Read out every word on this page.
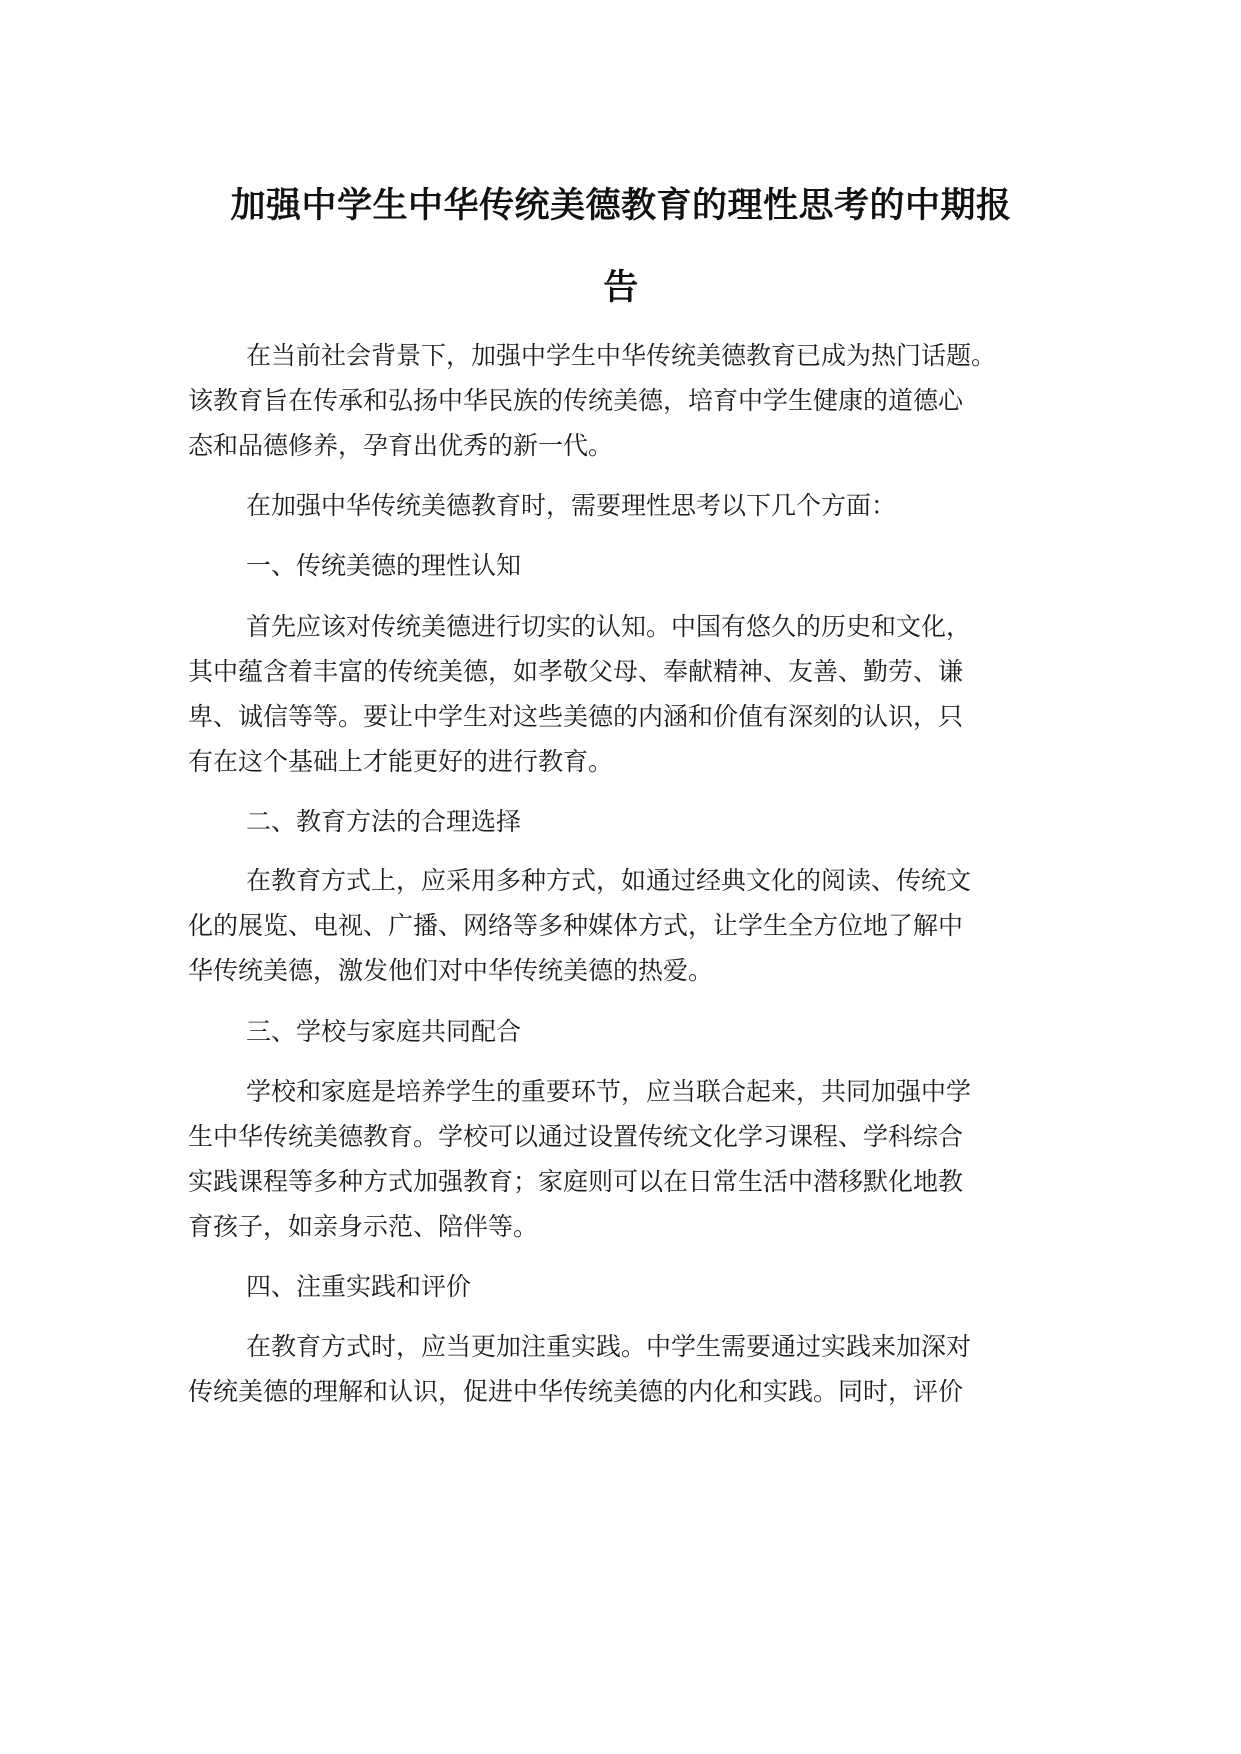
加强中学生中华传统美德教育的理性思考的中期报
告
在当前社会背景下，加强中学生中华传统美德教育已成为热门话题。
该教育旨在传承和弘扬中华民族的传统美德，培育中学生健康的道德心
态和品德修养，孕育出优秀的新一代。
在加强中华传统美德教育时，需要理性思考以下几个方面：
一、传统美德的理性认知
首先应该对传统美德进行切实的认知。中国有悠久的历史和文化，
其中蕴含着丰富的传统美德，如孝敬父母、奉献精神、友善、勤劳、谦
卑、诚信等等。要让中学生对这些美德的内涵和价值有深刻的认识，只
有在这个基础上才能更好的进行教育。
二、教育方法的合理选择
在教育方式上，应采用多种方式，如通过经典文化的阅读、传统文
化的展览、电视、广播、网络等多种媒体方式，让学生全方位地了解中
华传统美德，激发他们对中华传统美德的热爱。
三、学校与家庭共同配合
学校和家庭是培养学生的重要环节，应当联合起来，共同加强中学
生中华传统美德教育。学校可以通过设置传统文化学习课程、学科综合
实践课程等多种方式加强教育；家庭则可以在日常生活中潜移默化地教
育孩子，如亲身示范、陪伴等。
四、注重实践和评价
在教育方式时，应当更加注重实践。中学生需要通过实践来加深对
传统美德的理解和认识，促进中华传统美德的内化和实践。同时，评价
